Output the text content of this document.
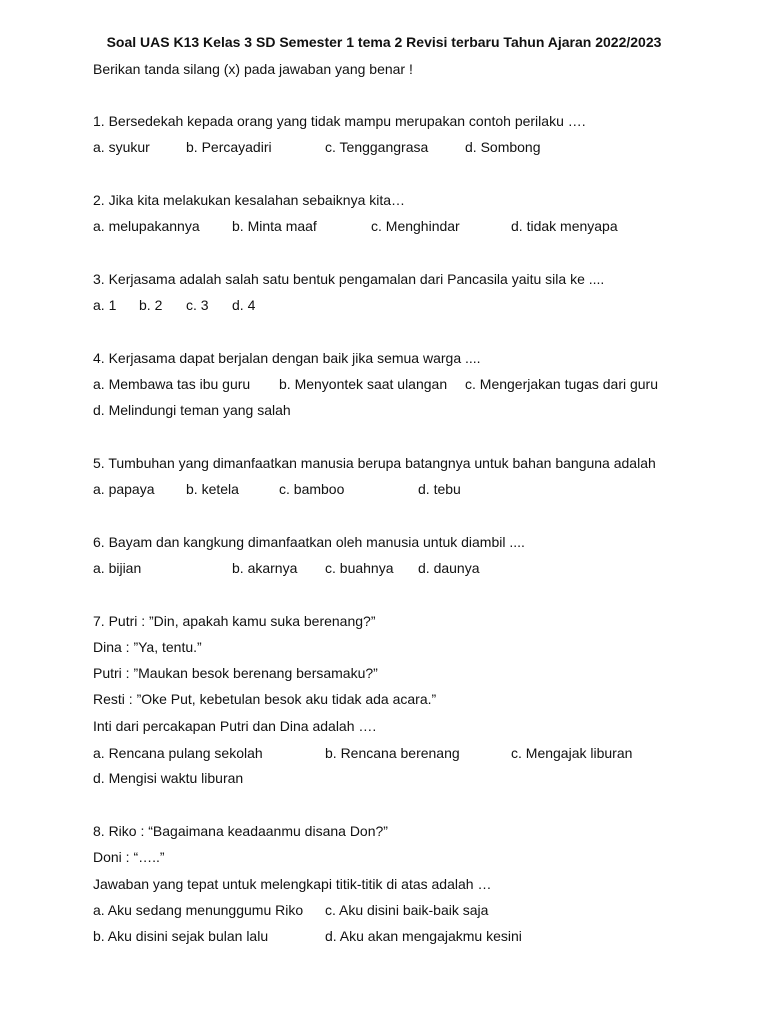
Soal UAS K13 Kelas 3 SD Semester 1 tema 2 Revisi terbaru Tahun Ajaran 2022/2023
Berikan tanda silang (x) pada jawaban yang benar !
1. Bersedekah kepada orang yang tidak mampu merupakan contoh perilaku ….
a. syukur	b. Percayadiri	c. Tenggangrasa	d. Sombong
2. Jika kita melakukan kesalahan sebaiknya kita…
a. melupakannya b. Minta maaf	c. Menghindar	d. tidak menyapa
3. Kerjasama adalah salah satu bentuk pengamalan dari Pancasila yaitu sila ke ....
a. 1 b. 2 c. 3 d. 4
4. Kerjasama dapat berjalan dengan baik jika semua warga ....
a. Membawa tas ibu guru b. Menyontek saat ulangan c. Mengerjakan tugas dari guru
d. Melindungi teman yang salah
5. Tumbuhan yang dimanfaatkan manusia berupa batangnya untuk bahan banguna adalah
a. papaya b. ketela	c. bamboo	d. tebu
6. Bayam dan kangkung dimanfaatkan oleh manusia untuk diambil ....
a. bijian	b. akarnya c. buahnya d. daunya
7. Putri : ”Din, apakah kamu suka berenang?”
Dina : ”Ya, tentu.”
Putri : ”Maukan besok berenang bersamaku?”
Resti : ”Oke Put, kebetulan besok aku tidak ada acara.”
Inti dari percakapan Putri dan Dina adalah ….
a. Rencana pulang sekolah	b. Rencana berenang	c. Mengajak liburan
d. Mengisi waktu liburan
8. Riko : “Bagaimana keadaanmu disana Don?”
Doni : “…..”
Jawaban yang tepat untuk melengkapi titik-titik di atas adalah …
a. Aku sedang menunggumu Riko c. Aku disini baik-baik saja
b. Aku disini sejak bulan lalu	d. Aku akan mengajakmu kesini
